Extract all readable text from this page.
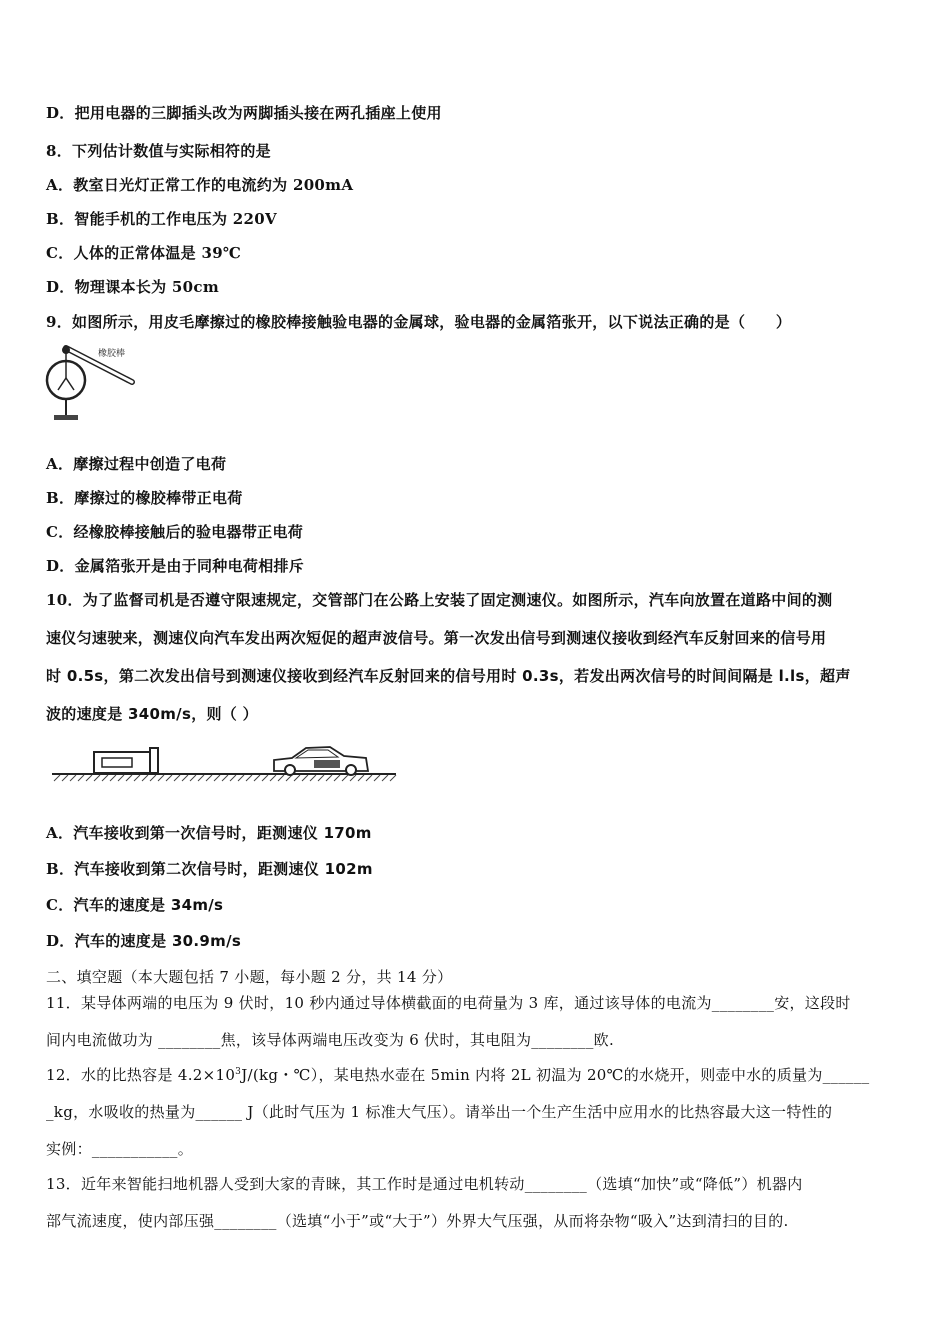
D．把用电器的三脚插头改为两脚插头接在两孔插座上使用
8．下列估计数值与实际相符的是
A．教室日光灯正常工作的电流约为 200mA
B．智能手机的工作电压为 220V
C．人体的正常体温是 39℃
D．物理课本长为 50cm
9．如图所示，用皮毛摩擦过的橡胶棒接触验电器的金属球，验电器的金属箔张开，以下说法正确的是（　　）
橡胶棒
A．摩擦过程中创造了电荷
B．摩擦过的橡胶棒带正电荷
C．经橡胶棒接触后的验电器带正电荷
D．金属箔张开是由于同种电荷相排斥
10．为了监督司机是否遵守限速规定，交管部门在公路上安装了固定测速仪。如图所示，汽车向放置在道路中间的测
速仪匀速驶来，测速仪向汽车发出两次短促的超声波信号。第一次发出信号到测速仪接收到经汽车反射回来的信号用
时 0.5s，第二次发出信号到测速仪接收到经汽车反射回来的信号用时 0.3s，若发出两次信号的时间间隔是 l.ls，超声
波的速度是 340m/s，则（ ）
A．汽车接收到第一次信号时，距测速仪 170m
B．汽车接收到第二次信号时，距测速仪 102m
C．汽车的速度是 34m/s
D．汽车的速度是 30.9m/s
二、填空题（本大题包括 7 小题，每小题 2 分，共 14 分）
11．某导体两端的电压为 9 伏时，10 秒内通过导体横截面的电荷量为 3 库，通过该导体的电流为________安，这段时
间内电流做功为 ________焦，该导体两端电压改变为 6 伏时，其电阻为________欧.
12．水的比热容是 $4.2\times 10^3J/(kg$・℃），某电热水壶在 5min 内将 2L 初温为 20℃的水烧开，则壶中水的质量为______
_kg，水吸收的热量为______ J（此时气压为 1 标准大气压）。请举出一个生产生活中应用水的比热容最大这一特性的
实例：___________。
13．近年来智能扫地机器人受到大家的青睐，其工作时是通过电机转动________（选填“加快”或“降低”）机器内
部气流速度，使内部压强________（选填“小于”或“大于”）外界大气压强，从而将杂物“吸入”达到清扫的目的.
